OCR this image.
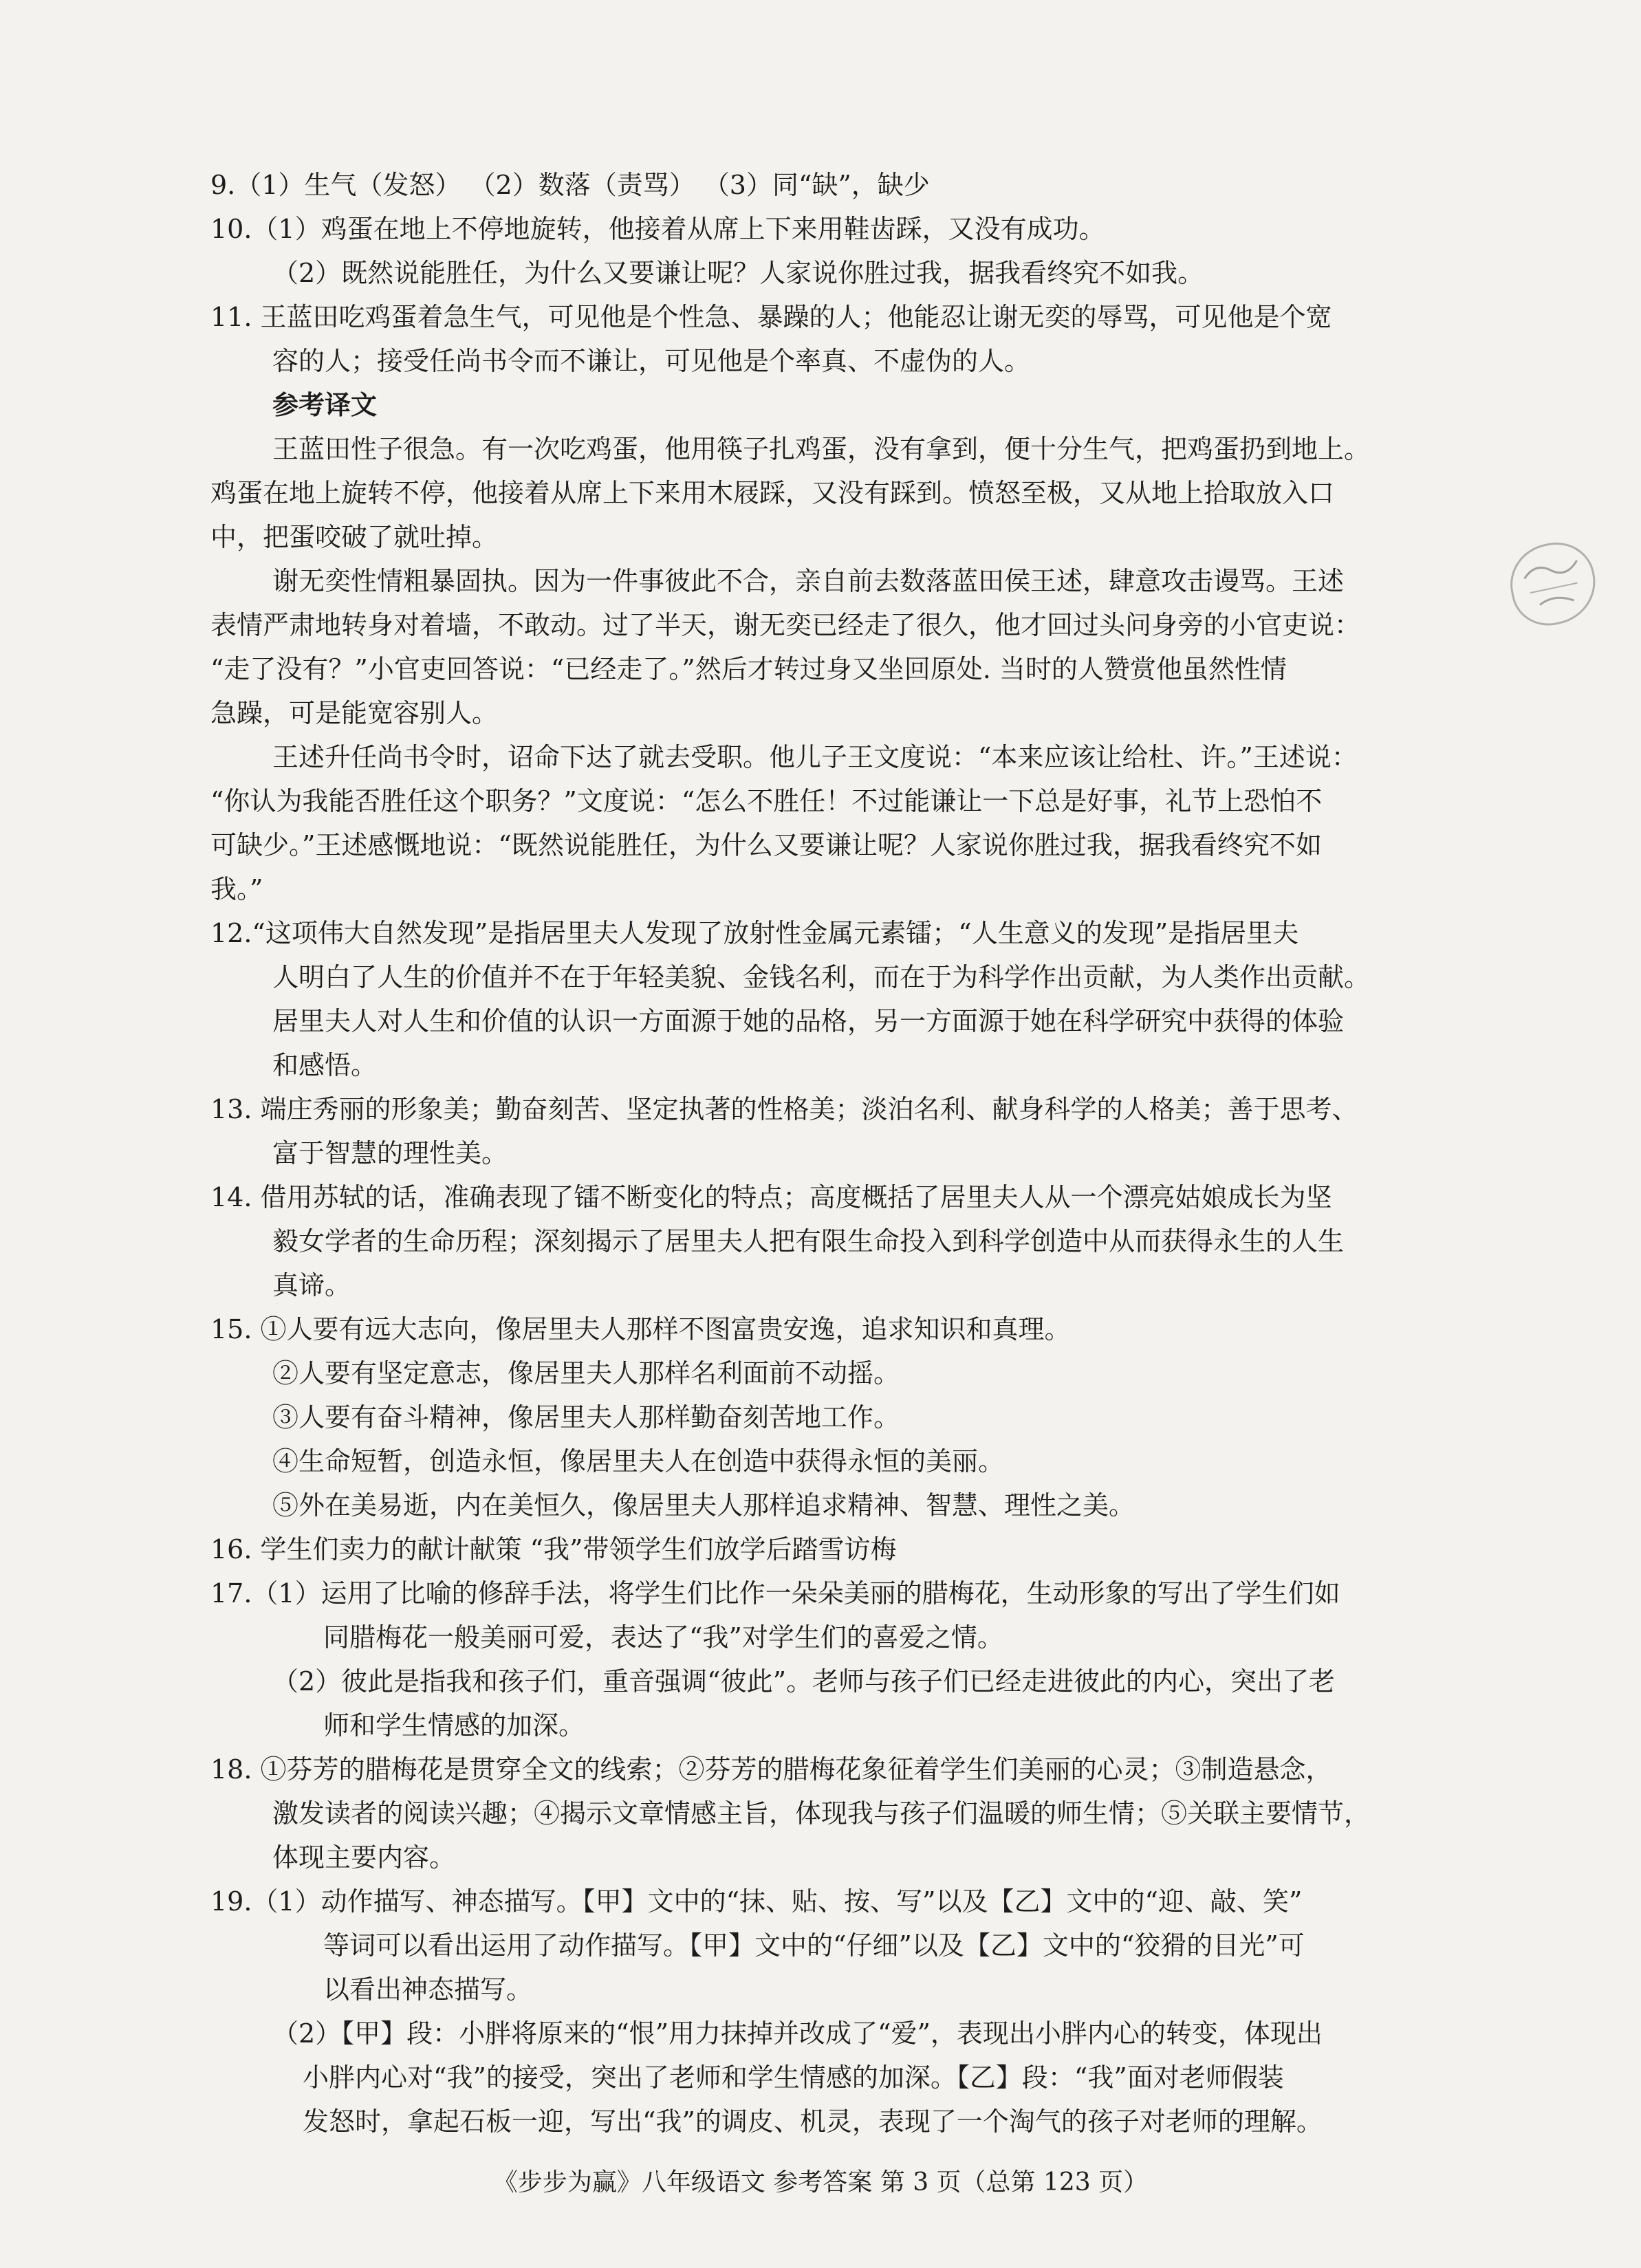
9.（1）生气（发怒） （2）数落（责骂） （3）同“缺”，缺少
10.（1）鸡蛋在地上不停地旋转，他接着从席上下来用鞋齿踩，又没有成功。
（2）既然说能胜任，为什么又要谦让呢？人家说你胜过我，据我看终究不如我。
11. 王蓝田吃鸡蛋着急生气，可见他是个性急、暴躁的人；他能忍让谢无奕的辱骂，可见他是个宽
容的人；接受任尚书令而不谦让，可见他是个率真、不虚伪的人。
参考译文
王蓝田性子很急。有一次吃鸡蛋，他用筷子扎鸡蛋，没有拿到，便十分生气，把鸡蛋扔到地上。
鸡蛋在地上旋转不停，他接着从席上下来用木屐踩，又没有踩到。愤怒至极，又从地上拾取放入口
中，把蛋咬破了就吐掉。
谢无奕性情粗暴固执。因为一件事彼此不合，亲自前去数落蓝田侯王述，肆意攻击谩骂。王述
表情严肃地转身对着墙，不敢动。过了半天，谢无奕已经走了很久，他才回过头问身旁的小官吏说：
“走了没有？”小官吏回答说：“已经走了。”然后才转过身又坐回原处. 当时的人赞赏他虽然性情
急躁，可是能宽容别人。
王述升任尚书令时，诏命下达了就去受职。他儿子王文度说：“本来应该让给杜、许。”王述说：
“你认为我能否胜任这个职务？”文度说：“怎么不胜任！不过能谦让一下总是好事，礼节上恐怕不
可缺少。”王述感慨地说：“既然说能胜任，为什么又要谦让呢？人家说你胜过我，据我看终究不如
我。”
12.“这项伟大自然发现”是指居里夫人发现了放射性金属元素镭；“人生意义的发现”是指居里夫
人明白了人生的价值并不在于年轻美貌、金钱名利，而在于为科学作出贡献，为人类作出贡献。
居里夫人对人生和价值的认识一方面源于她的品格，另一方面源于她在科学研究中获得的体验
和感悟。
13. 端庄秀丽的形象美；勤奋刻苦、坚定执著的性格美；淡泊名利、献身科学的人格美；善于思考、
富于智慧的理性美。
14. 借用苏轼的话，准确表现了镭不断变化的特点；高度概括了居里夫人从一个漂亮姑娘成长为坚
毅女学者的生命历程；深刻揭示了居里夫人把有限生命投入到科学创造中从而获得永生的人生
真谛。
15. ①人要有远大志向，像居里夫人那样不图富贵安逸，追求知识和真理。
②人要有坚定意志，像居里夫人那样名利面前不动摇。
③人要有奋斗精神，像居里夫人那样勤奋刻苦地工作。
④生命短暂，创造永恒，像居里夫人在创造中获得永恒的美丽。
⑤外在美易逝，内在美恒久，像居里夫人那样追求精神、智慧、理性之美。
16. 学生们卖力的献计献策 “我”带领学生们放学后踏雪访梅
17.（1）运用了比喻的修辞手法，将学生们比作一朵朵美丽的腊梅花，生动形象的写出了学生们如
同腊梅花一般美丽可爱，表达了“我”对学生们的喜爱之情。
（2）彼此是指我和孩子们，重音强调“彼此”。老师与孩子们已经走进彼此的内心，突出了老
师和学生情感的加深。
18. ①芬芳的腊梅花是贯穿全文的线索；②芬芳的腊梅花象征着学生们美丽的心灵；③制造悬念，
激发读者的阅读兴趣；④揭示文章情感主旨，体现我与孩子们温暖的师生情；⑤关联主要情节，
体现主要内容。
19.（1）动作描写、神态描写。【甲】文中的“抹、贴、按、写”以及【乙】文中的“迎、敲、笑”
等词可以看出运用了动作描写。【甲】文中的“仔细”以及【乙】文中的“狡猾的目光”可
以看出神态描写。
（2）【甲】段：小胖将原来的“恨”用力抹掉并改成了“爱”，表现出小胖内心的转变，体现出
小胖内心对“我”的接受，突出了老师和学生情感的加深。【乙】段：“我”面对老师假装
发怒时，拿起石板一迎，写出“我”的调皮、机灵，表现了一个淘气的孩子对老师的理解。
《步步为赢》八年级语文 参考答案 第 3 页（总第 123 页）
